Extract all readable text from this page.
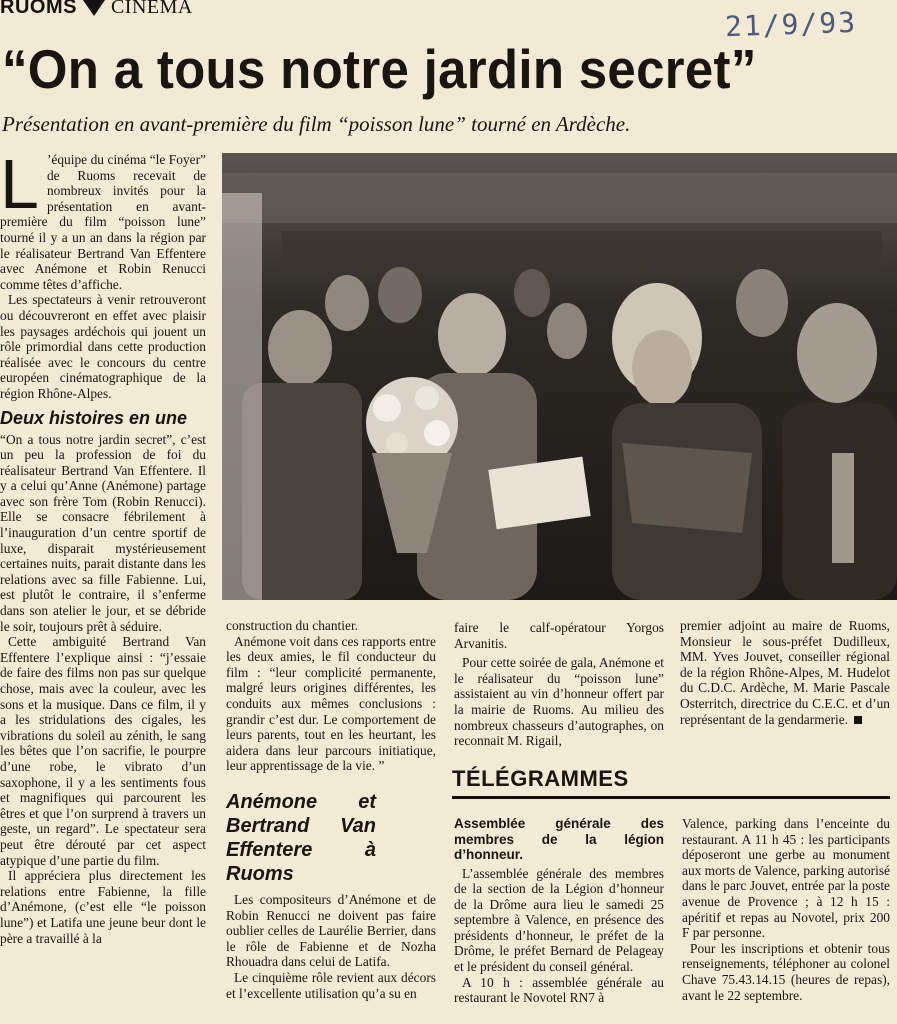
RUOMS CINEMA	21/9/93
“On a tous notre jardin secret”
Présentation en avant-première du film “poisson lune” tourné en Ardèche.
L ’équipe du cinéma “le Foyer” de Ruoms recevait de nombreux invités pour la présentation en avant-première du film “poisson lune” tourné il y a un an dans la région par le réalisateur Bertrand Van Effentere avec Anémone et Robin Renucci comme têtes d’affiche.

Les spectateurs à venir retrouveront ou découvreront en effet avec plaisir les paysages ardéchois qui jouent un rôle primordial dans cette production réalisée avec le concours du centre européen cinématographique de la région Rhône-Alpes.

Deux histoires en une

“On a tous notre jardin secret”, c’est un peu la profession de foi du réalisateur Bertrand Van Effentere. Il y a celui qu’Anne (Anémone) partage avec son frère Tom (Robin Renucci). Elle se consacre fébrilement à l’inauguration d’un centre sportif de luxe, disparait mystérieusement certaines nuits, parait distante dans les relations avec sa fille Fabienne. Lui, est plutôt le contraire, il s’enferme dans son atelier le jour, et se débride le soir, toujours prêt à séduire.

Cette ambiguité Bertrand Van Effentere l’explique ainsi : “j’essaie de faire des films non pas sur quelque chose, mais avec la couleur, avec les sons et la musique. Dans ce film, il y a les stridulations des cigales, les vibrations du soleil au zénith, le sang les bêtes que l’on sacrifie, le pourpre d’une robe, le vibrato d’un saxophone, il y a les sentiments fous et magnifiques qui parcourent les êtres et que l’on surprend à travers un geste, un regard”. Le spectateur sera peut être dérouté par cet aspect atypique d’une partie du film.

Il appréciera plus directement les relations entre Fabienne, la fille d’Anémone, (c’est elle “le poisson lune”) et Latifa une jeune beur dont le père a travaillé à la

construction du chantier.

Anémone voit dans ces rapports entre les deux amies, le fil conducteur du film : “leur complicité permanente, malgré leurs origines différentes, les conduits aux mêmes conclusions : grandir c’est dur. Le comportement de leurs parents, tout en les heurtant, les aidera dans leur parcours initiatique, leur apprentissage de la vie. ”

Anémone et Bertrand Van Effentere à Ruoms

Les compositeurs d’Anémone et de Robin Renucci ne doivent pas faire oublier celles de Laurélie Berrier, dans le rôle de Fabienne et de Nozha Rhouadra dans celui de Latifa.

Le cinquième rôle revient aux décors et l’excellente utilisation qu’a su en

faire le calf-opératour Yorgos Arvanitis.

Pour cette soirée de gala, Anémone et le réalisateur du “poisson lune” assistaient au vin d’honneur offert par la mairie de Ruoms. Au milieu des nombreux chasseurs d’autographes, on reconnait M. Rigail,

premier adjoint au maire de Ruoms, Monsieur le sous-préfet Dudilleux, MM. Yves Jouvet, conseiller régional de la région Rhône-Alpes, M. Hudelot du C.D.C. Ardèche, M. Marie Pascale Osterritch, directrice du C.E.C. et d’un représentant de la gendarmerie.

TÉLÉGRAMMES
Assemblée générale des membres de la légion d’honneur.

L’assemblée générale des membres de la section de la Légion d’honneur de la Drôme aura lieu le samedi 25 septembre à Valence, en présence des présidents d’honneur, le préfet de la Drôme, le préfet Bernard de Pelageay et le président du conseil général.

A 10 h : assemblée générale au restaurant le Novotel RN7 à

Valence, parking dans l’enceinte du restaurant. A 11 h 45 : les participants déposeront une gerbe au monument aux morts de Valence, parking autorisé dans le parc Jouvet, entrée par la poste avenue de Provence ; à 12 h 15 : apéritif et repas au Novotel, prix 200 F par personne.

Pour les inscriptions et obtenir tous renseignements, téléphoner au colonel Chave 75.43.14.15 (heures de repas), avant le 22 septembre.
